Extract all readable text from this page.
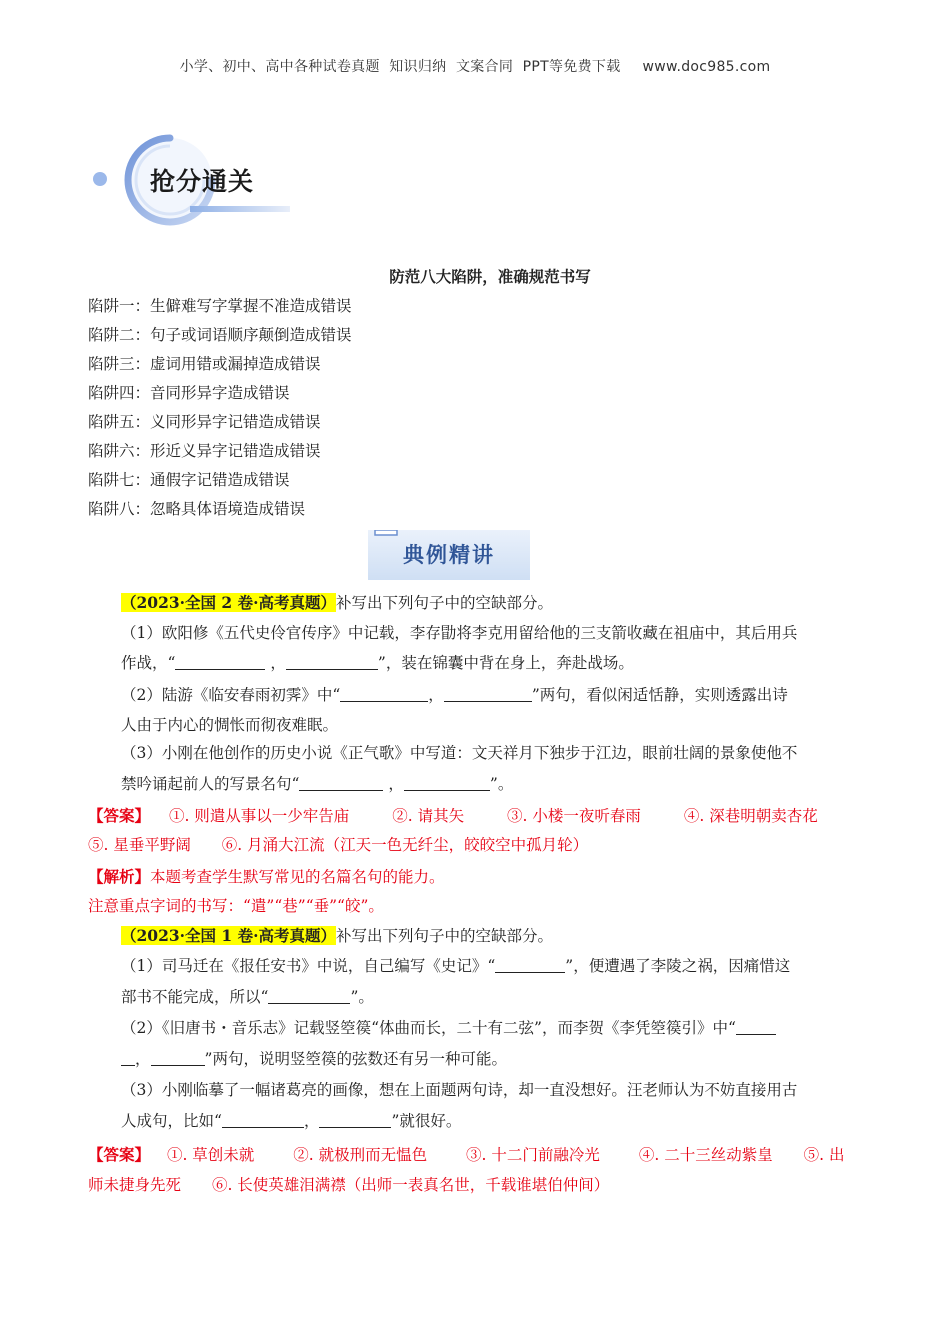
小学、初中、高中各种试卷真题  知识归纳  文案合同  PPT等免费下载 www.doc985.com
抢分通关
防范八大陷阱，准确规范书写
陷阱一：生僻难写字掌握不准造成错误
陷阱二：句子或词语顺序颠倒造成错误
陷阱三：虚词用错或漏掉造成错误
陷阱四：音同形异字造成错误
陷阱五：义同形异字记错造成错误
陷阱六：形近义异字记错造成错误
陷阱七：通假字记错造成错误
陷阱八：忽略具体语境造成错误
典例精讲
（2023·全国 2 卷·高考真题）补写出下列句子中的空缺部分。
（1）欧阳修《五代史伶官传序》中记载，李存勖将李克用留给他的三支箭收藏在祖庙中，其后用兵
作战，“	，	”，装在锦囊中背在身上，奔赴战场。
（2）陆游《临安春雨初霁》中“	，	”两句，看似闲适恬静，实则透露出诗
人由于内心的惆怅而彻夜难眠。
（3）小刚在他创作的历史小说《正气歌》中写道：文天祥月下独步于江边，眼前壮阔的景象使他不
禁吟诵起前人的写景名句“	，	”。
【答案】 ①. 则遣从事以一少牢告庙	②. 请其矢	③. 小楼一夜听春雨	④. 深巷明朝卖杏花
⑤. 星垂平野阔 ⑥. 月涌大江流（江天一色无纤尘，皎皎空中孤月轮）
【解析】本题考查学生默写常见的名篇名句的能力。
注意重点字词的书写：“遣”“巷”“垂”“皎”。
（2023·全国 1 卷·高考真题）补写出下列句子中的空缺部分。
（1）司马迁在《报任安书》中说，自己编写《史记》“	”，便遭遇了李陵之祸，因痛惜这
部书不能完成，所以“	”。
（2）《旧唐书・音乐志》记载竖箜篌“体曲而长，二十有二弦”，而李贺《李凭箜篌引》中“
，	”两句，说明竖箜篌的弦数还有另一种可能。
（3）小刚临摹了一幅诸葛亮的画像，想在上面题两句诗，却一直没想好。汪老师认为不妨直接用古
人成句，比如“	，	”就很好。
【答案】 ①. 草创未就	②. 就极刑而无愠色	③. 十二门前融冷光	④. 二十三丝动紫皇 ⑤. 出
师未捷身先死 ⑥. 长使英雄泪满襟（出师一表真名世，千载谁堪伯仲间）
